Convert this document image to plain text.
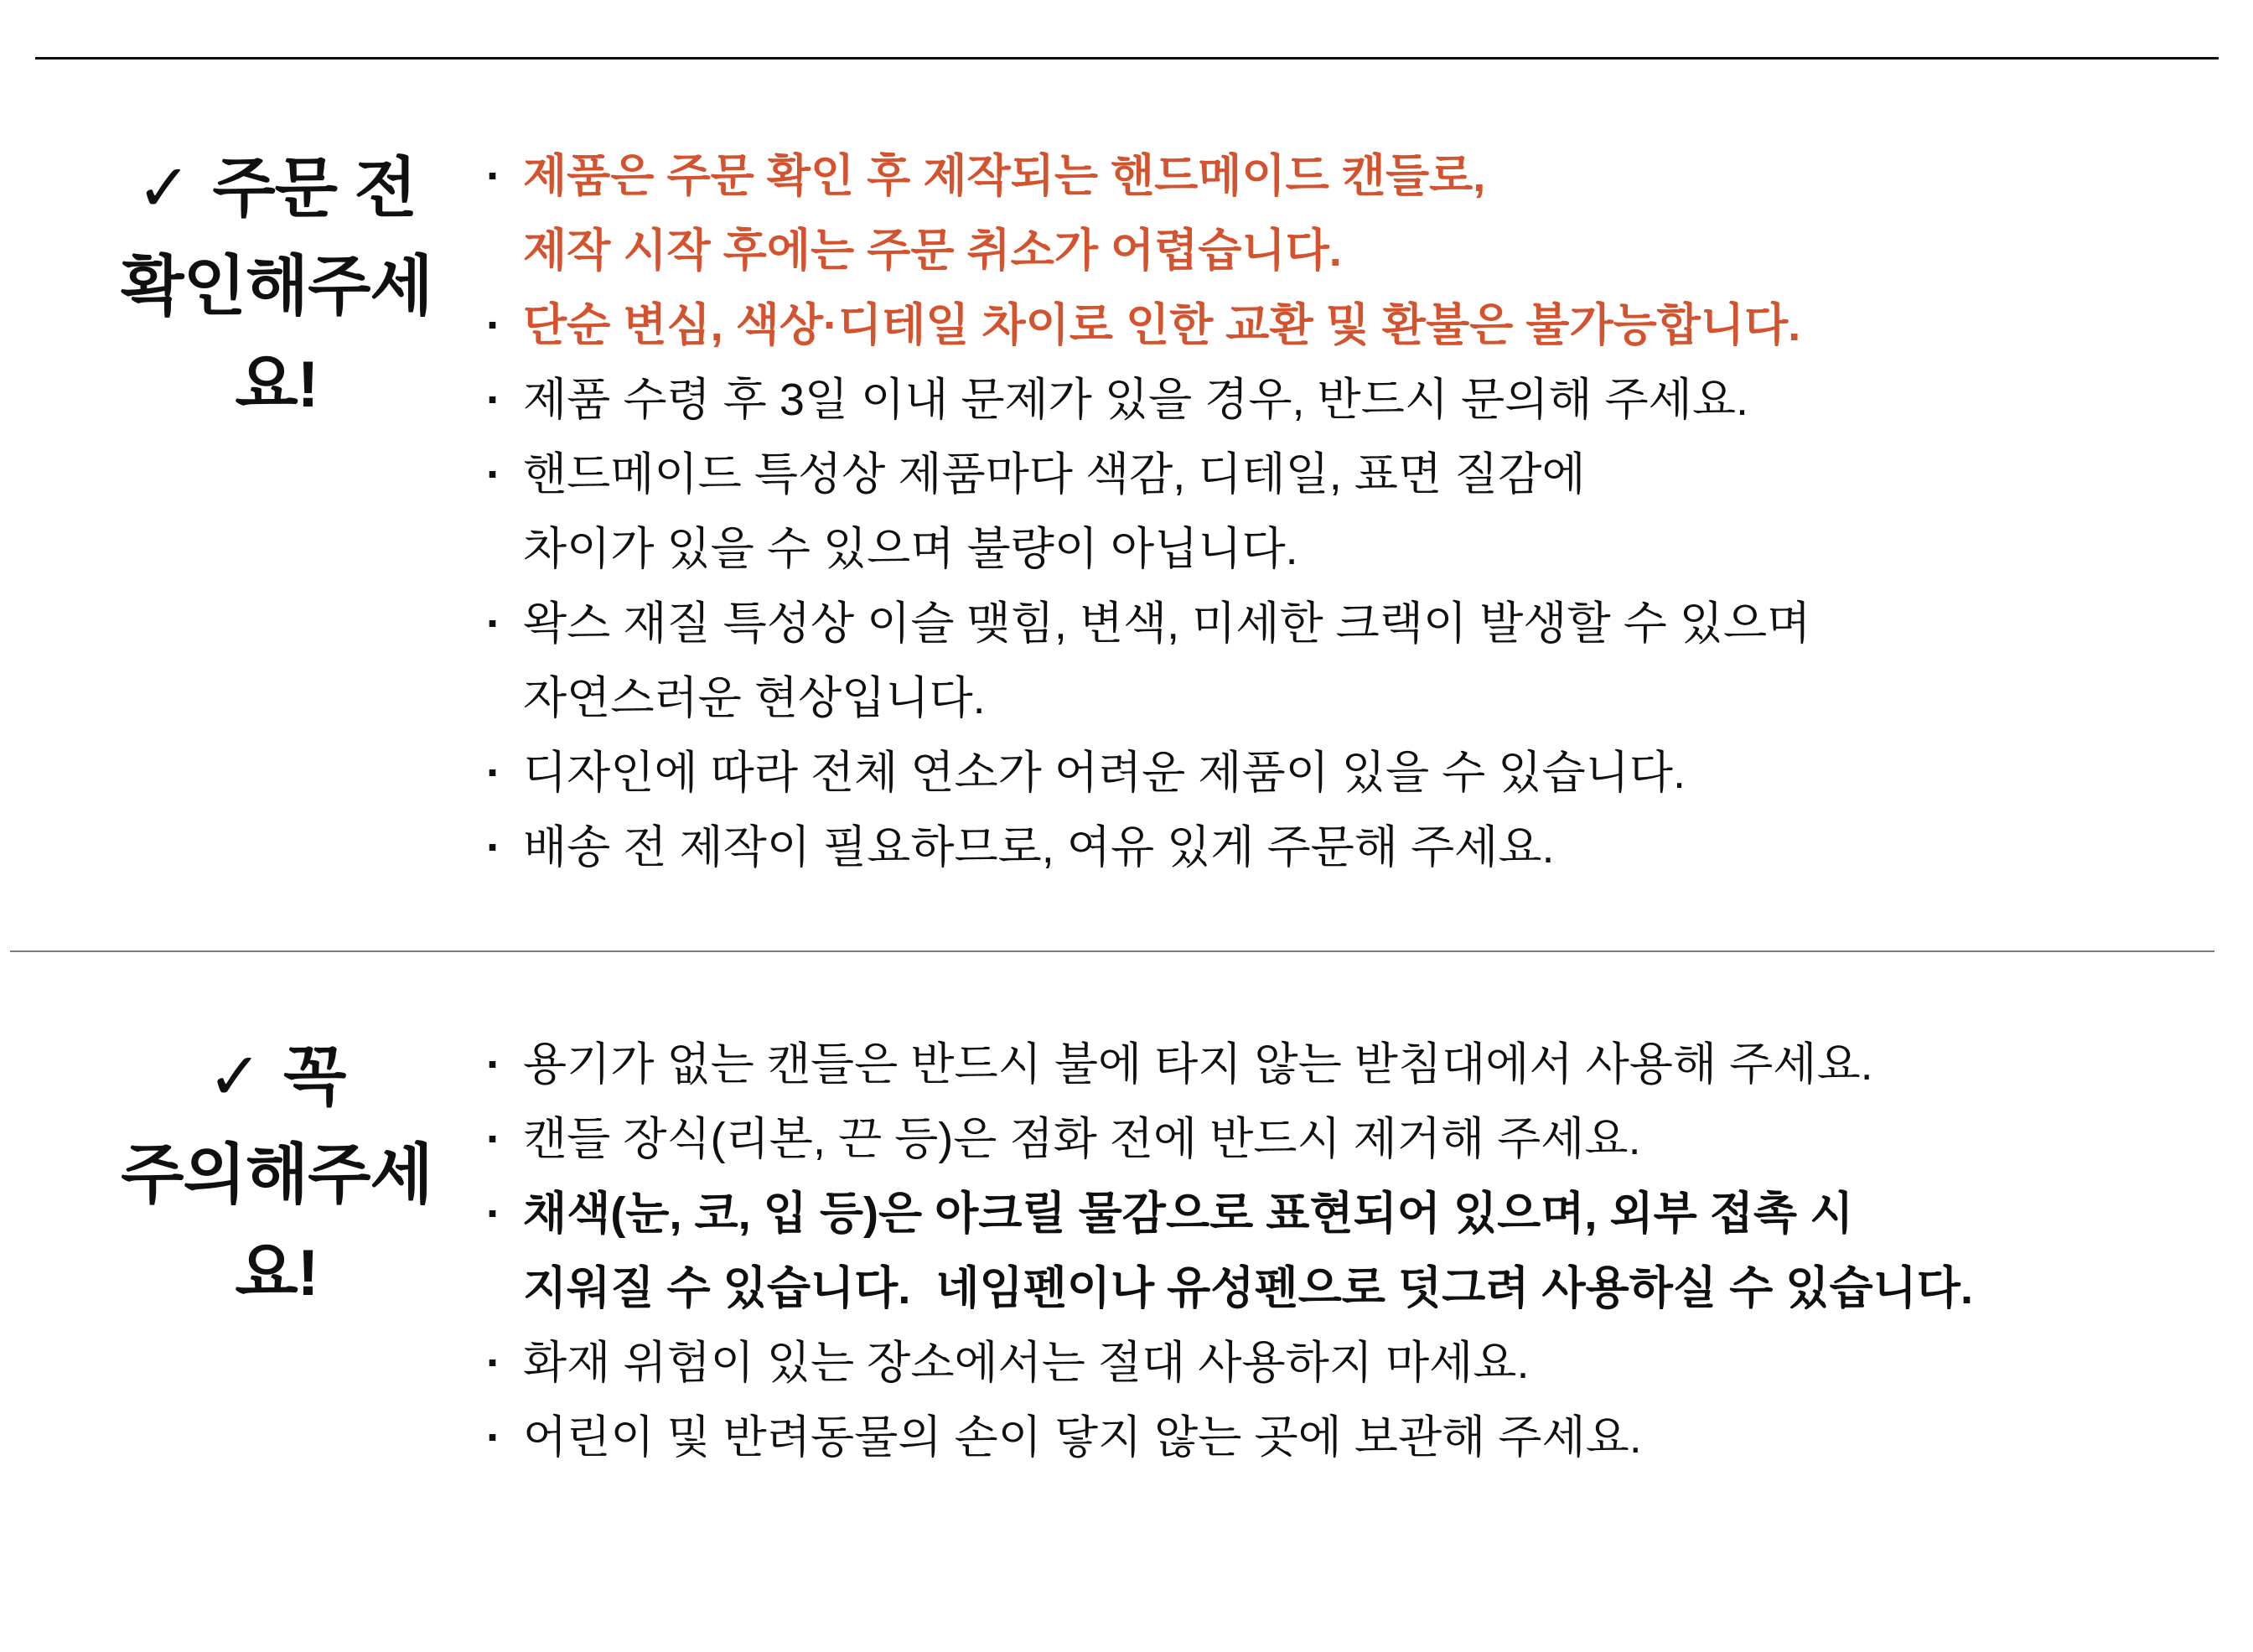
✓ 주문 전
확인해주세요!
· 제품은 주문 확인 후 제작되는 핸드메이드 캔들로,
제작 시작 후에는 주문 취소가 어렵습니다.
· 단순 변심, 색상·디테일 차이로 인한 교환 및 환불은 불가능합니다.
· 제품 수령 후 3일 이내 문제가 있을 경우, 반드시 문의해 주세요.
· 핸드메이드 특성상 제품마다 색감, 디테일, 표면 질감에
차이가 있을 수 있으며 불량이 아닙니다.
· 왁스 재질 특성상 이슬 맺힘, 변색, 미세한 크랙이 발생할 수 있으며
자연스러운 현상입니다.
· 디자인에 따라 전체 연소가 어려운 제품이 있을 수 있습니다.
· 배송 전 제작이 필요하므로, 여유 있게 주문해 주세요.
✓ 꼭
주의해주세요!
· 용기가 없는 캔들은 반드시 불에 타지 않는 받침대에서 사용해 주세요.
· 캔들 장식(리본, 끈 등)은 점화 전에 반드시 제거해 주세요.
· 채색(눈, 코, 입 등)은 아크릴 물감으로 표현되어 있으며, 외부 접촉 시
지워질 수 있습니다.  네임펜이나 유성펜으로 덧그려 사용하실 수 있습니다.
· 화재 위험이 있는 장소에서는 절대 사용하지 마세요.
· 어린이 및 반려동물의 손이 닿지 않는 곳에 보관해 주세요.
